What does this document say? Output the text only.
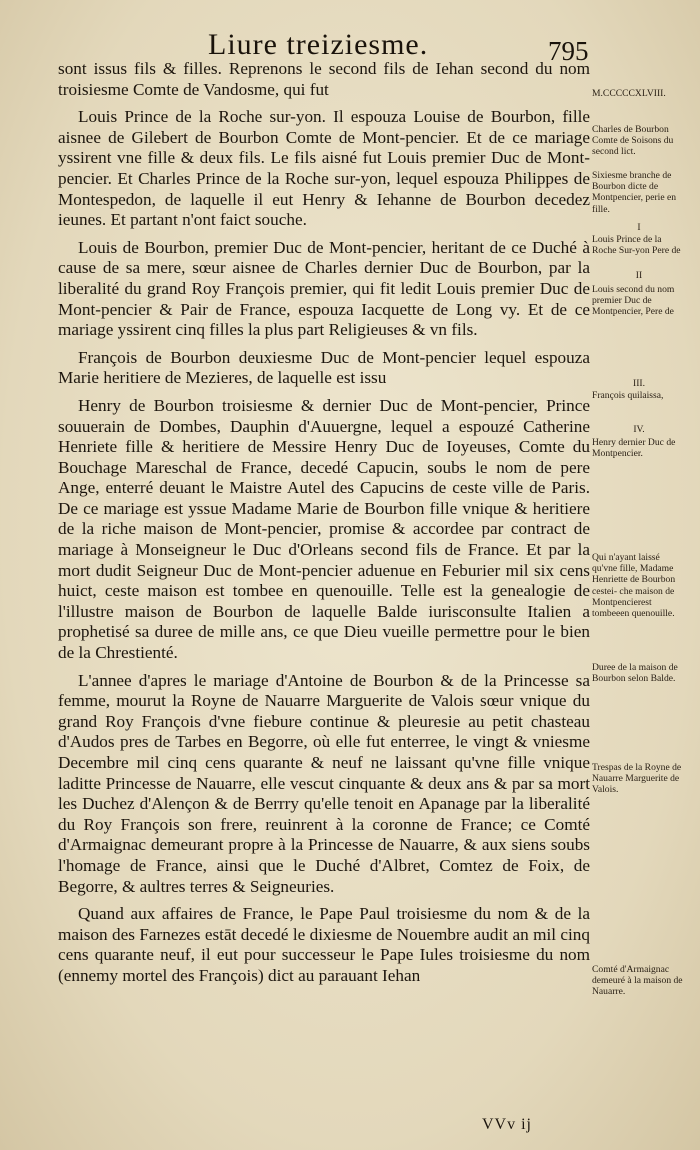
Liure treiziesme.	795

sont issus fils & filles. Reprenons le second fils de Iehan second du nom troisiesme Comte de Vandosme, qui fut

Louis Prince de la Roche sur-yon. Il espouza Louise de Bourbon, fille aisnee de Gilebert de Bourbon Comte de Mont-pencier. Et de ce mariage yssirent vne fille & deux fils. Le fils aisné fut Louis premier Duc de Mont-pencier. Et Charles Prince de la Roche sur-yon, lequel espouza Philippes de Montespedon, de laquelle il eut Henry & Iehanne de Bourbon decedez ieunes. Et partant n'ont faict souche.

Louis de Bourbon, premier Duc de Mont-pencier, heritant de ce Duché à cause de sa mere, sœur aisnee de Charles dernier Duc de Bourbon, par la liberalité du grand Roy François premier, qui fit ledit Louis premier Duc de Mont-pencier & Pair de France, espouza Iacquette de Long vy. Et de ce mariage yssirent cinq filles la plus part Religieuses & vn fils.

François de Bourbon deuxiesme Duc de Mont-pencier lequel espouza Marie heritiere de Mezieres, de laquelle est issu

Henry de Bourbon troisiesme & dernier Duc de Mont-pencier, Prince souuerain de Dombes, Dauphin d'Auuergne, lequel a espouzé Catherine Henriete fille & heritiere de Messire Henry Duc de Ioyeuses, Comte du Bouchage Mareschal de France, decedé Capucin, soubs le nom de pere Ange, enterré deuant le Maistre Autel des Capucins de ceste ville de Paris. De ce mariage est yssue Madame Marie de Bourbon fille vnique & heritiere de la riche maison de Mont-pencier, promise & accordee par contract de mariage à Monseigneur le Duc d'Orleans second fils de France. Et par la mort dudit Seigneur Duc de Mont-pencier aduenue en Feburier mil six cens huict, ceste maison est tombee en quenouille. Telle est la genealogie de l'illustre maison de Bourbon de laquelle Balde iurisconsulte Italien a prophetisé sa duree de mille ans, ce que Dieu vueille permettre pour le bien de la Chrestienté.

L'annee d'apres le mariage d'Antoine de Bourbon & de la Princesse sa femme, mourut la Royne de Nauarre Marguerite de Valois sœur vnique du grand Roy François d'vne fiebure continue & pleuresie au petit chasteau d'Audos pres de Tarbes en Begorre, où elle fut enterree, le vingt & vniesme Decembre mil cinq cens quarante & neuf ne laissant qu'vne fille vnique laditte Princesse de Nauarre, elle vescut cinquante & deux ans & par sa mort les Duchez d'Alençon & de Berrry qu'elle tenoit en Apanage par la liberalité du Roy François son frere, reuinrent à la coronne de France; ce Comté d'Armaignac demeurant propre à la Princesse de Nauarre, & aux siens soubs l'homage de France, ainsi que le Duché d'Albret, Comtez de Foix, de Begorre, & aultres terres & Seigneuries.

Quand aux affaires de France, le Pape Paul troisiesme du nom & de la maison des Farnezes estāt decedé le dixiesme de Nouembre audit an mil cinq cens quarante neuf, il eut pour successeur le Pape Iules troisiesme du nom (ennemy mortel des François) dict au parauant Iehan

M.CCCCCXLVIII.

Charles de Bourbon Comte de Soisons du second lict.

Sixiesme branche de Bourbon dicte de Montpencier, perie en fille.

I

Louis Prince de la Roche Sur-yon Pere de

II

Louis second du nom premier Duc de Montpencier, Pere de

III.

François quilaissa,

IV.

Henry dernier Duc de Montpencier.

Qui n'ayant laissé qu'vne fille, Madame Henriette de Bourbon cestei- che maison de Montpencierest tombeeen quenouille.

Duree de la maison de Bourbon selon Balde.

Trespas de la Royne de Nauarre Marguerite de Valois.

Comté d'Armaignac demeuré à la maison de Nauarre.

VVv ij
